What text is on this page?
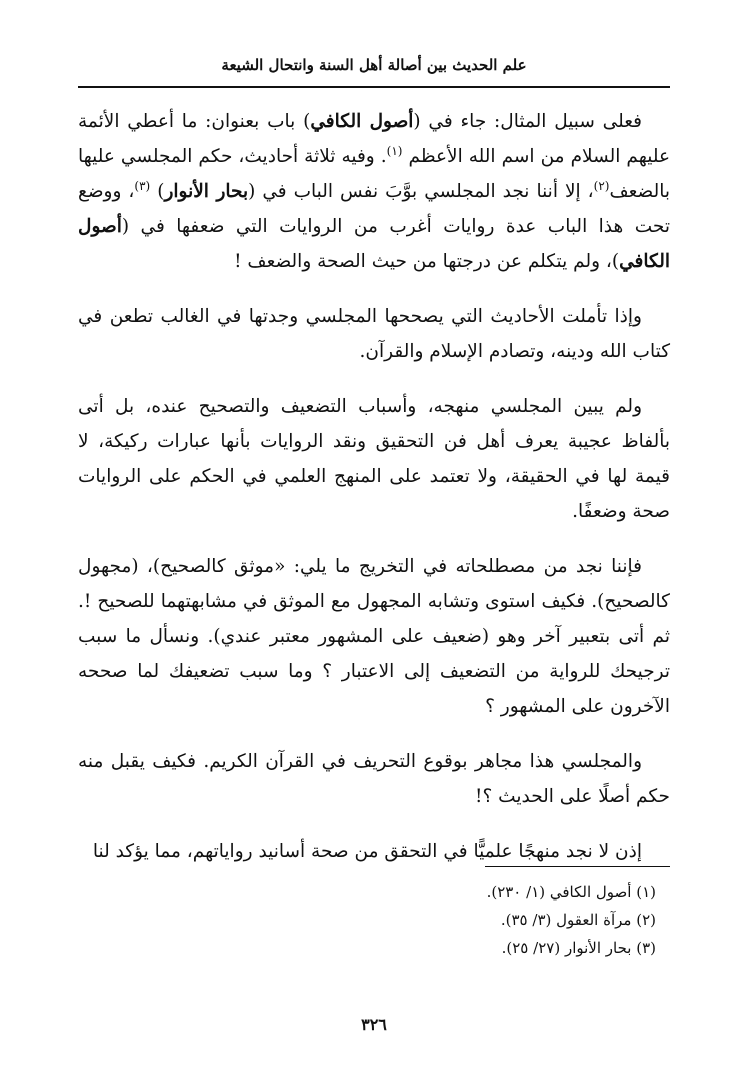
علم الحديث بين أصالة أهل السنة وانتحال الشيعة

فعلى سبيل المثال: جاء في (أصول الكافي) باب بعنوان: ما أعطي الأئمة عليهم السلام من اسم الله الأعظم $^{(١)}$. وفيه ثلاثة أحاديث، حكم المجلسي عليها بالضعف$^{(٢)}$، إلا أننا نجد المجلسي بوَّبَ نفس الباب في (بحار الأنوار) $^{(٣)}$، ووضع تحت هذا الباب عدة روايات أغرب من الروايات التي ضعفها في (أصول الكافي)، ولم يتكلم عن درجتها من حيث الصحة والضعف !

وإذا تأملت الأحاديث التي يصححها المجلسي وجدتها في الغالب تطعن في كتاب الله ودينه، وتصادم الإسلام والقرآن.

ولم يبين المجلسي منهجه، وأسباب التضعيف والتصحيح عنده، بل أتى بألفاظ عجيبة يعرف أهل فن التحقيق ونقد الروايات بأنها عبارات ركيكة، لا قيمة لها في الحقيقة، ولا تعتمد على المنهج العلمي في الحكم على الروايات صحة وضعفًا.

فإننا نجد من مصطلحاته في التخريج ما يلي: «موثق كالصحيح)، (مجهول كالصحيح). فكيف استوى وتشابه المجهول مع الموثق في مشابهتهما للصحيح !. ثم أتى بتعبير آخر وهو (ضعيف على المشهور معتبر عندي). ونسأل ما سبب ترجيحك للرواية من التضعيف إلى الاعتبار ؟ وما سبب تضعيفك لما صححه الآخرون على المشهور ؟

والمجلسي هذا مجاهر بوقوع التحريف في القرآن الكريم. فكيف يقبل منه حكم أصلًا على الحديث ؟!

إذن لا نجد منهجًا علميًّا في التحقق من صحة أسانيد رواياتهم، مما يؤكد لنا

(١) أصول الكافي (١/ ٢٣٠).
(٢) مرآة العقول (٣/ ٣٥).
(٣) بحار الأنوار (٢٧/ ٢٥).
٣٢٦
